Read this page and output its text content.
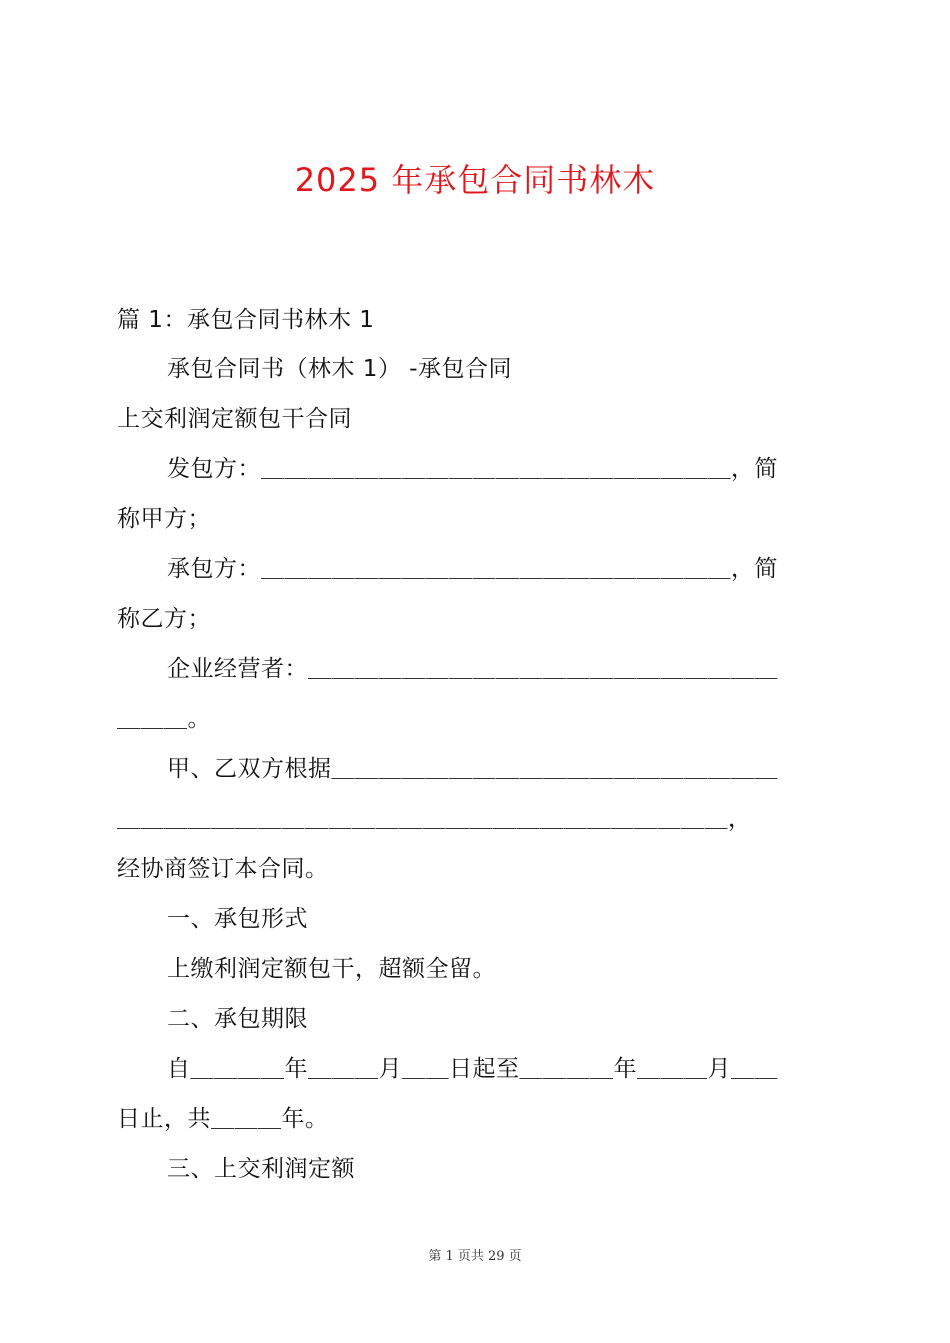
2025 年承包合同书林木
篇 1：承包合同书林木 1
承包合同书（林木 1） -承包合同
上交利润定额包干合同
发包方：＿＿＿＿＿＿＿＿＿＿＿＿＿＿＿＿＿＿＿＿，简
称甲方；
承包方：＿＿＿＿＿＿＿＿＿＿＿＿＿＿＿＿＿＿＿＿，简
称乙方；
企业经营者：＿＿＿＿＿＿＿＿＿＿＿＿＿＿＿＿＿＿＿＿
＿＿＿。
甲、乙双方根据＿＿＿＿＿＿＿＿＿＿＿＿＿＿＿＿＿＿＿
＿＿＿＿＿＿＿＿＿＿＿＿＿＿＿＿＿＿＿＿＿＿＿＿＿＿，
经协商签订本合同。
一、承包形式
上缴利润定额包干，超额全留。
二、承包期限
自＿＿＿＿年＿＿＿月＿＿日起至＿＿＿＿年＿＿＿月＿＿
日止，共＿＿＿年。
三、上交利润定额
第 1 页共 29 页
